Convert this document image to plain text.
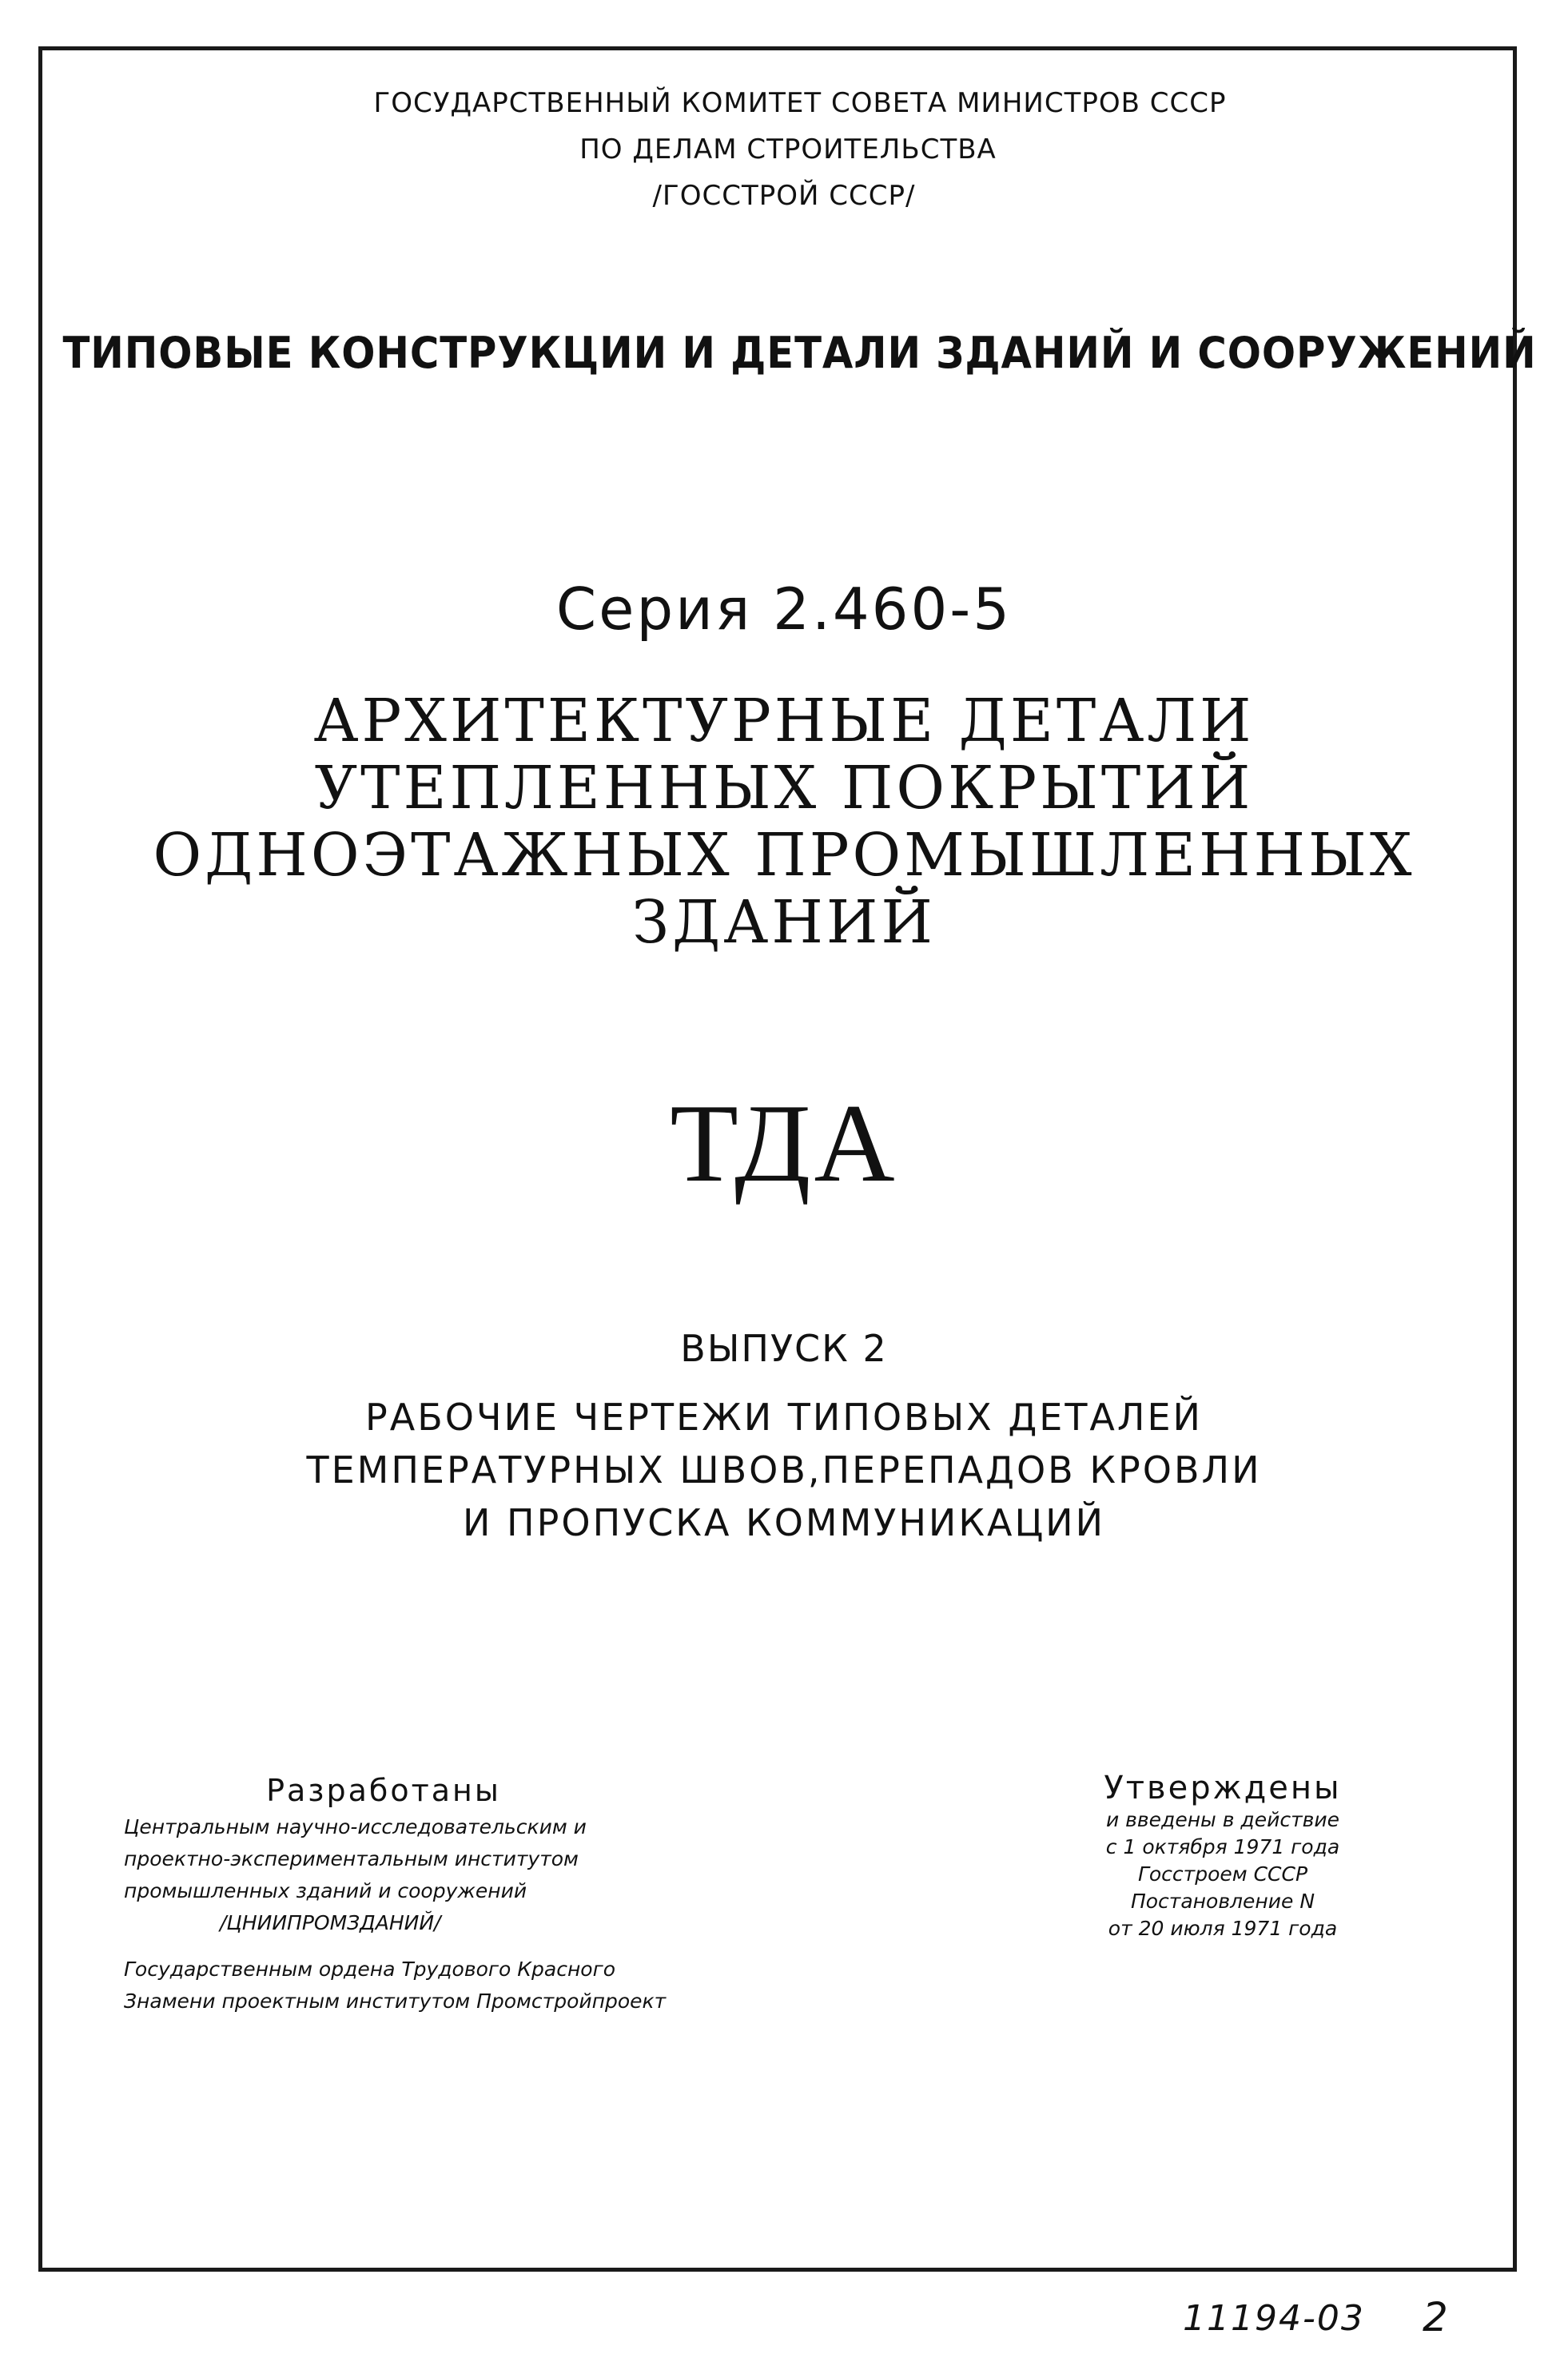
ГОСУДАРСТВЕННЫЙ КОМИТЕТ СОВЕТА МИНИСТРОВ СССР
ПО ДЕЛАМ СТРОИТЕЛЬСТВА
/ГОССТРОЙ СССР/
ТИПОВЫЕ КОНСТРУКЦИИ И ДЕТАЛИ ЗДАНИЙ И СООРУЖЕНИЙ
Серия 2.460-5
АРХИТЕКТУРНЫЕ ДЕТАЛИ
УТЕПЛЕННЫХ ПОКРЫТИЙ
ОДНОЭТАЖНЫХ ПРОМЫШЛЕННЫХ
ЗДАНИЙ
ТДА
ВЫПУСК 2
РАБОЧИЕ ЧЕРТЕЖИ ТИПОВЫХ ДЕТАЛЕЙ
ТЕМПЕРАТУРНЫХ ШВОВ,ПЕРЕПАДОВ КРОВЛИ
И ПРОПУСКА КОММУНИКАЦИЙ
Разработаны
Центральным научно-исследовательским и
проектно-экспериментальным институтом
промышленных зданий и сооружений
/ЦНИИПРОМЗДАНИЙ/
Государственным ордена Трудового Красного
Знамени проектным институтом Промстройпроект
Утверждены
и введены в действие
с 1 октября 1971 года
Госстроем СССР
Постановление N
от 20 июля 1971 года
11194-03 2
